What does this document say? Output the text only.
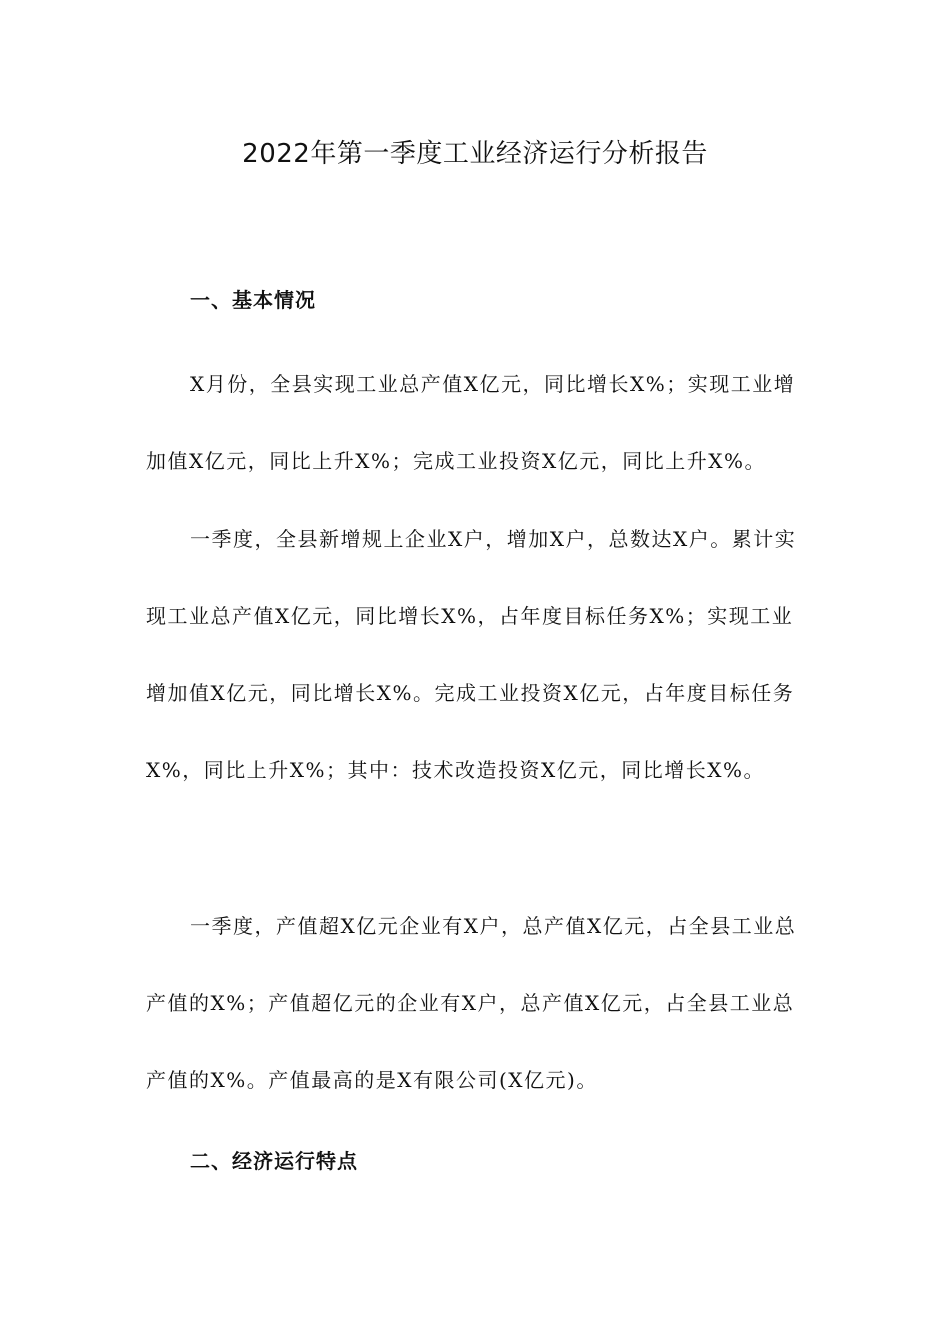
2022年第一季度工业经济运行分析报告
一、基本情况

X月份，全县实现工业总产值X亿元，同比增长X%；实现工业增加值X亿元，同比上升X%；完成工业投资X亿元，同比上升X%。

一季度，全县新增规上企业X户，增加X户，总数达X户。累计实现工业总产值X亿元，同比增长X%，占年度目标任务X%；实现工业增加值X亿元，同比增长X%。完成工业投资X亿元，占年度目标任务X%，同比上升X%；其中：技术改造投资X亿元，同比增长X%。

一季度，产值超X亿元企业有X户，总产值X亿元，占全县工业总产值的X%；产值超亿元的企业有X户，总产值X亿元，占全县工业总产值的X%。产值最高的是X有限公司(X亿元)。

二、经济运行特点
